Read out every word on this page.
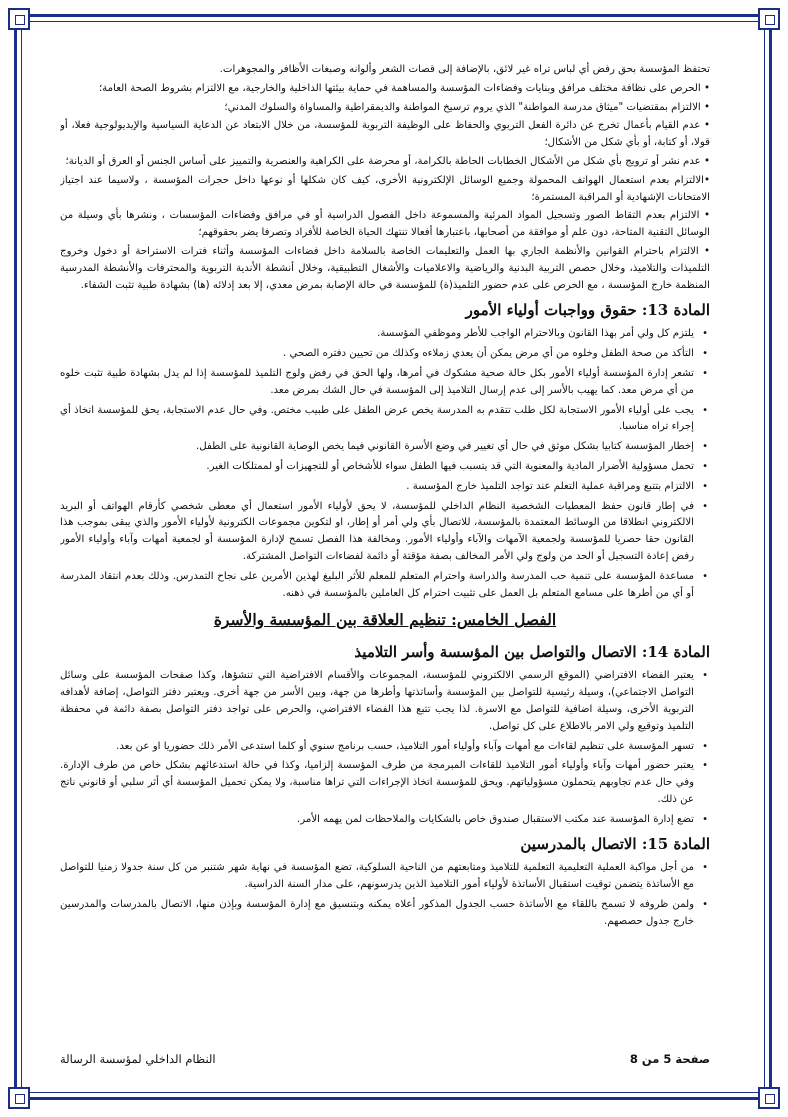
تحتفظ المؤسسة بحق رفض أي لباس تراه غير لائق، بالإضافة إلى قصات الشعر وألوانه وصبغات الأظافر والمجوهرات.

• الحرص على نظافة مختلف مرافق وبنايات وفضاءات المؤسسة والمساهمة في حماية بيئتها الداخلية والخارجية، مع الالتزام بشروط الصحة العامة؛

• الالتزام بمقتضيات "ميثاق مدرسة المواطنة" الذي يروم ترسيخ المواطنة والديمقراطية والمساواة والسلوك المدني؛

• عدم القيام بأعمال تخرج عن دائرة الفعل التربوي والحفاظ على الوظيفة التربوية للمؤسسة، من خلال الابتعاد عن الدعاية السياسية والإيديولوجية فعلا، أو قولا، أو كتابة، أو بأي شكل من الأشكال؛

• عدم نشر أو ترويج بأي شكل من الأشكال الخطابات الحاطة بالكرامة، أو محرضة على الكراهية والعنصرية والتمييز على أساس الجنس أو العرق أو الديانة؛

•الالتزام بعدم استعمال الهواتف المحمولة وجميع الوسائل الإلكترونية الأخرى، كيف كان شكلها أو نوعها داخل حجرات المؤسسة ، ولاسيما عند اجتياز الامتحانات الإشهادية أو المراقبة المستمرة؛

• الالتزام بعدم التقاط الصور وتسجيل المواد المرئية والمسموعة داخل الفصول الدراسية أو في مرافق وفضاءات المؤسسات ، ونشرها بأي وسيلة من الوسائل التقنية المتاحة، دون علم أو موافقة من أصحابها، باعتبارها أفعالا تنتهك الحياة الخاصة للأفراد وتصرفا يضر بحقوقهم؛

• الالتزام باحترام القوانين والأنظمة الجاري بها العمل والتعليمات الخاصة بالسلامة داخل فضاءات المؤسسة وأثناء فترات الاستراحة أو دخول وخروج التلميذات والتلاميذ، وخلال حصص التربية البدنية والرياضية والاعلاميات والأشغال التطبيقية، وخلال أنشطة الأندية التربوية والمحترفات والأنشطة المدرسية المنظمة خارج المؤسسة ، مع الحرص على عدم حضور التلميذ(ة) للمؤسسة في حالة الإصابة بمرض معدي، إلا بعد إدلائه (ها) بشهادة طبية تثبت الشفاء.

المادة 13: حقوق وواجبات أولياء الأمور
• يلتزم كل ولي أمر بهذا القانون وبالاحترام الواجب للأطر وموظفي المؤسسة.
• التأكد من صحة الطفل وخلوه من أي مرض يمكن أن يعدي زملاءه وكذلك من تحيين دفتره الصحي .
• تشعر إدارة المؤسسة أولياء الأمور بكل حالة صحية مشكوك في أمرها، ولها الحق في رفض ولوج التلميذ للمؤسسة إذا لم يدل بشهادة طبية تثبت خلوه من أي مرض معد. كما يهيب بالأسر إلى عدم إرسال التلاميذ إلى المؤسسة في حال الشك بمرض معد.
• يجب على أولياء الأمور الاستجابة لكل طلب تتقدم به المدرسة يخص عرض الطفل على طبيب مختص. وفي حال عدم الاستجابة، يحق للمؤسسة اتخاذ أي إجراء تراه مناسبا.
• إخطار المؤسسة كتابيا بشكل موثق في حال أي تغيير في وضع الأسرة القانوني فيما يخص الوصاية القانونية على الطفل.
• تحمل مسؤولية الأضرار المادية والمعنوية التي قد يتسبب فيها الطفل سواء للأشخاص أو للتجهيزات أو لممتلكات الغير.
• الالتزام بتتبع ومراقبة عملية التعلم عند تواجد التلميذ خارج المؤسسة .
• في إطار قانون حفظ المعطيات الشخصية النظام الداخلي للمؤسسة، لا يحق لأولياء الأمور استعمال أي معطى شخصي كأرقام الهواتف أو البريد الالكتروني انطلاقا من الوسائط المعتمدة بالمؤسسة، للاتصال بأي ولي أمر أو إطار، او لتكوين مجموعات الكترونية لأولياء الأمور والذي يبقى بموجب هذا القانون حقا حصريا للمؤسسة ولجمعية الآمهات والآباء وأولياء الأمور. ومخالفة هذا الفصل تسمح لإدارة المؤسسة أو لجمعية أمهات وآباء وأولياء الأمور رفض إعادة التسجيل أو الحد من ولوج ولي الأمر المخالف بصفة مؤقتة أو دائمة لفضاءات التواصل المشتركة.
• مساعدة المؤسسة على تنمية حب المدرسة والدراسة واحترام المتعلم للمعلم للأثر البليغ لهذين الأمرين على نجاح التمدرس. وذلك بعدم انتقاد المدرسة أو أي من أطرها على مسامع المتعلم بل العمل على تثبيت احترام كل العاملين بالمؤسسة في ذهنه.
الفصل الخامس: تنظيم العلاقة بين المؤسسة والأسرة
المادة 14: الاتصال والتواصل بين المؤسسة وأسر التلاميذ
• يعتبر الفضاء الافتراضي (الموقع الرسمي الالكتروني للمؤسسة، المجموعات والأقسام الافتراضية التي تنشؤها، وكذا صفحات المؤسسة على وسائل التواصل الاجتماعي)، وسيلة رئيسية للتواصل بين المؤسسة وأساتذتها وأطرها من جهة، وبين الأسر من جهة أخرى. ويعتبر دفتر التواصل، إضافة لأهدافه التربوية الأخرى، وسيلة اضافية للتواصل مع الاسرة. لذا يجب تتبع هذا الفضاء الافتراضي، والحرص على تواجد دفتر التواصل بصفة دائمة في محفظة التلميذ وتوقيع ولي الامر بالاطلاع على كل تواصل.
• تسهر المؤسسة على تنظيم لقاءات مع أمهات وآباء وأولياء أمور التلاميذ، حسب برنامج سنوي أو كلما استدعى الأمر ذلك حضوريا او عن بعد.
• يعتبر حضور أمهات وآباء وأولياء أمور التلاميذ للقاءات المبرمجة من طرف المؤسسة إلزاميا، وكذا في حالة استدعائهم بشكل خاص من طرف الإدارة. وفي حال عدم تجاوبهم يتحملون مسؤولياتهم. ويحق للمؤسسة اتخاذ الإجراءات التي تراها مناسبة، ولا يمكن تحميل المؤسسة أي أثر سلبي أو قانوني ناتج عن ذلك.
• تضع إدارة المؤسسة عند مكتب الاستقبال صندوق خاص بالشكايات والملاحظات لمن يهمه الأمر.
المادة 15: الاتصال بالمدرسين
• من أجل مواكبة العملية التعليمية التعلمية للتلاميذ ومتابعتهم من الناحية السلوكية، تضع المؤسسة في نهاية شهر شتنبر من كل سنة جدولا زمنيا للتواصل مع الأساتذة يتضمن توقيت استقبال الأساتذة لأولياء أمور التلاميذ الذين يدرسونهم، على مدار السنة الدراسية.
• ولمن ظروفه لا تسمح باللقاء مع الأساتذة حسب الجدول المذكور أعلاه يمكنه وبتنسيق مع إدارة المؤسسة وبإذن منها، الاتصال بالمدرسات والمدرسين خارج جدول حصصهم.
صفحة 5 من 8
النظام الداخلي لمؤسسة الرسالة
